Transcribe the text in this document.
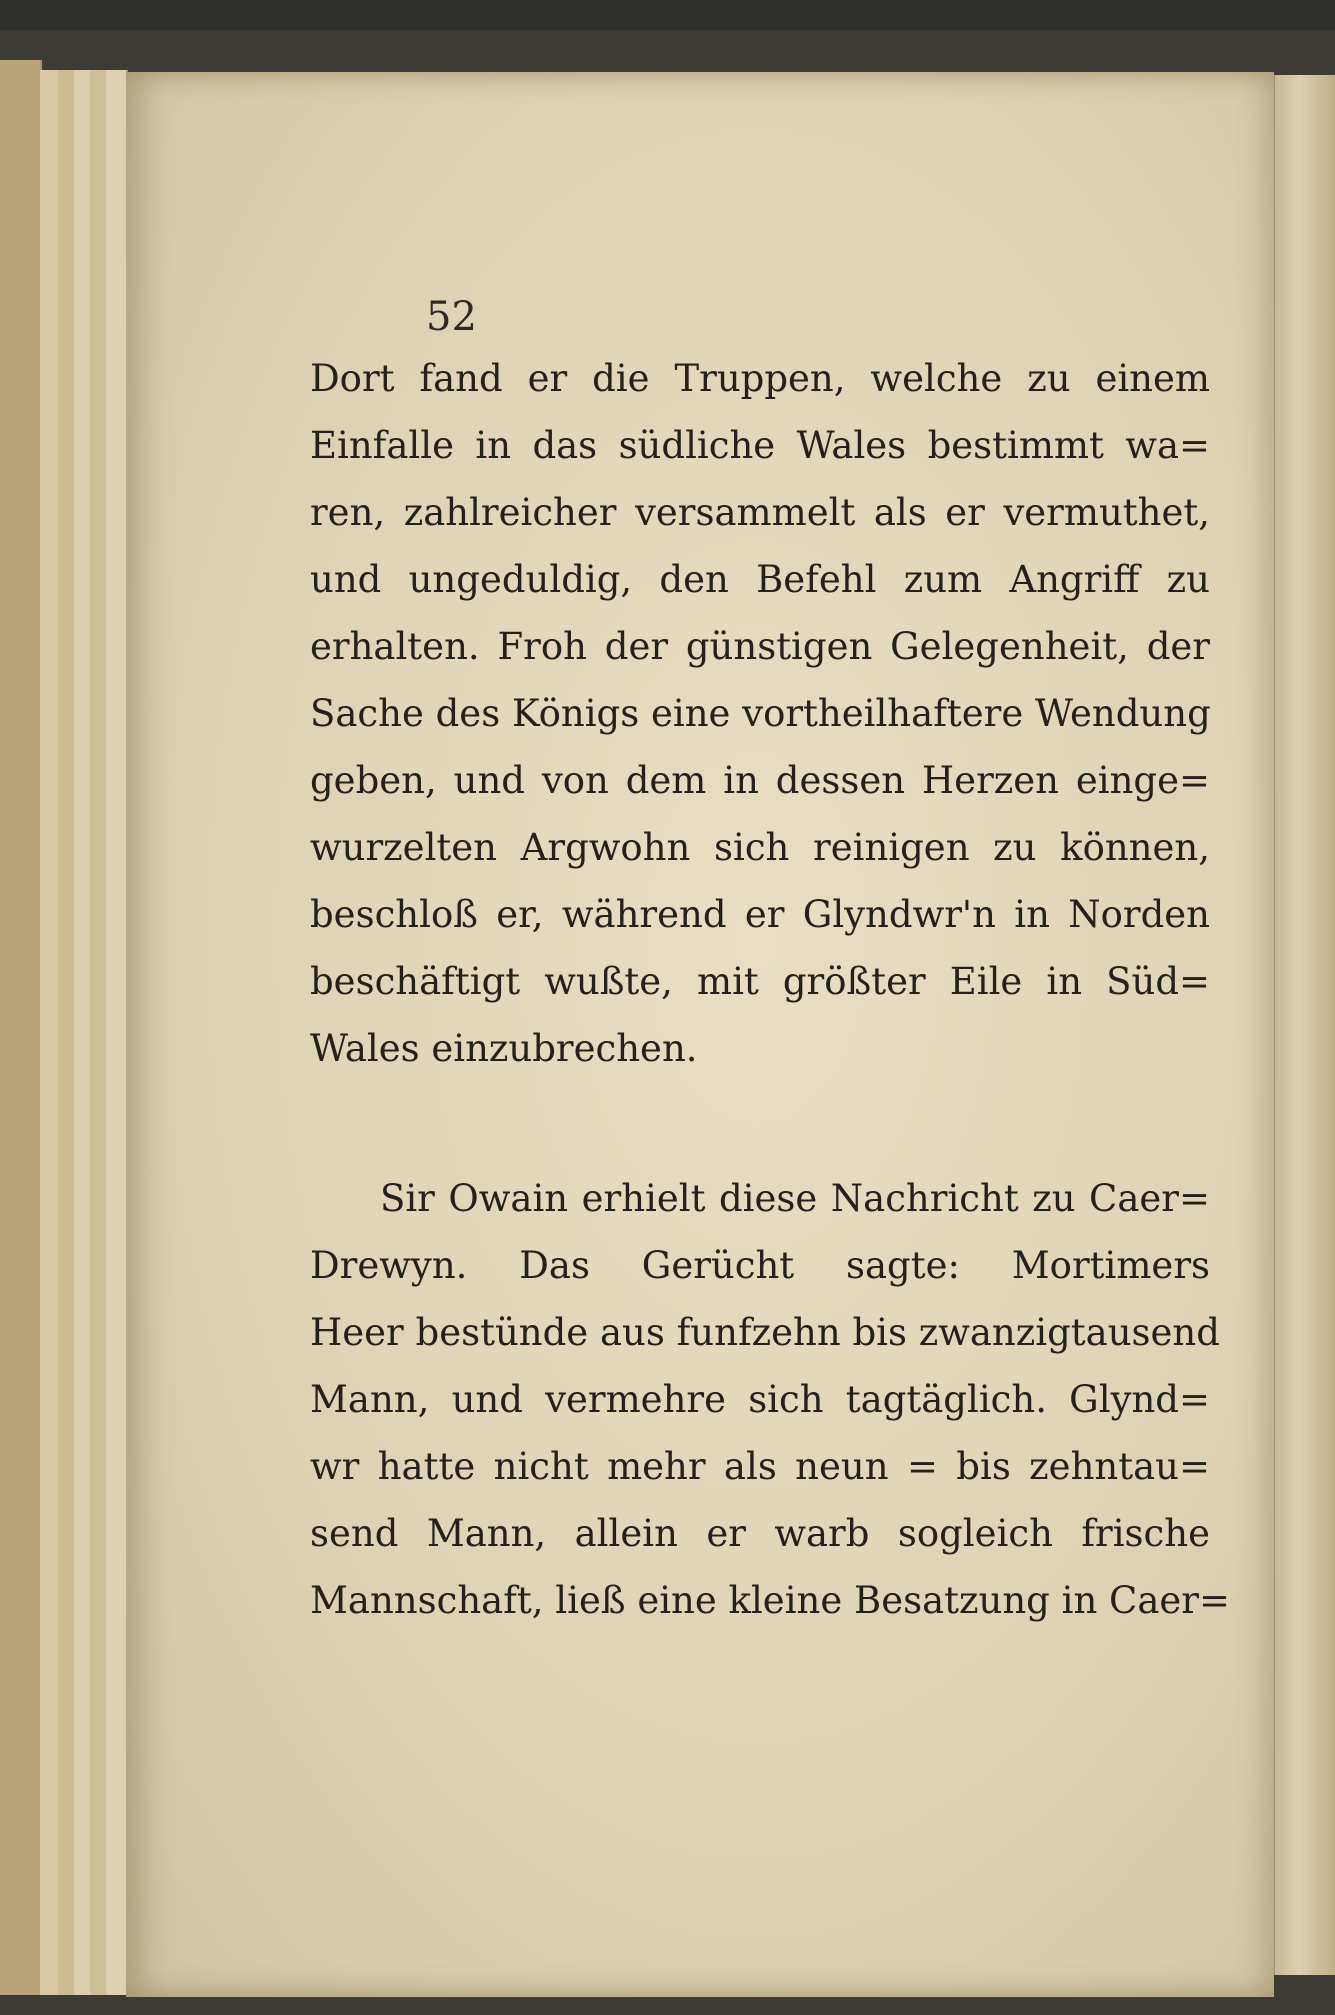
52
Dort fand er die Truppen, welche zu einem
Einfalle in das südliche Wales bestimmt wa=
ren, zahlreicher versammelt als er vermuthet,
und ungeduldig, den Befehl zum Angriff zu
erhalten. Froh der günstigen Gelegenheit, der
Sache des Königs eine vortheilhaftere Wendung
geben, und von dem in dessen Herzen einge=
wurzelten Argwohn sich reinigen zu können,
beschloß er, während er Glyndwr'n in Norden
beschäftigt wußte, mit größter Eile in Süd=
Wales einzubrechen.
Sir Owain erhielt diese Nachricht zu Caer=
Drewyn. Das Gerücht sagte: Mortimers
Heer bestünde aus funfzehn bis zwanzigtausend
Mann, und vermehre sich tagtäglich. Glynd=
wr hatte nicht mehr als neun = bis zehntau=
send Mann, allein er warb sogleich frische
Mannschaft, ließ eine kleine Besatzung in Caer=
